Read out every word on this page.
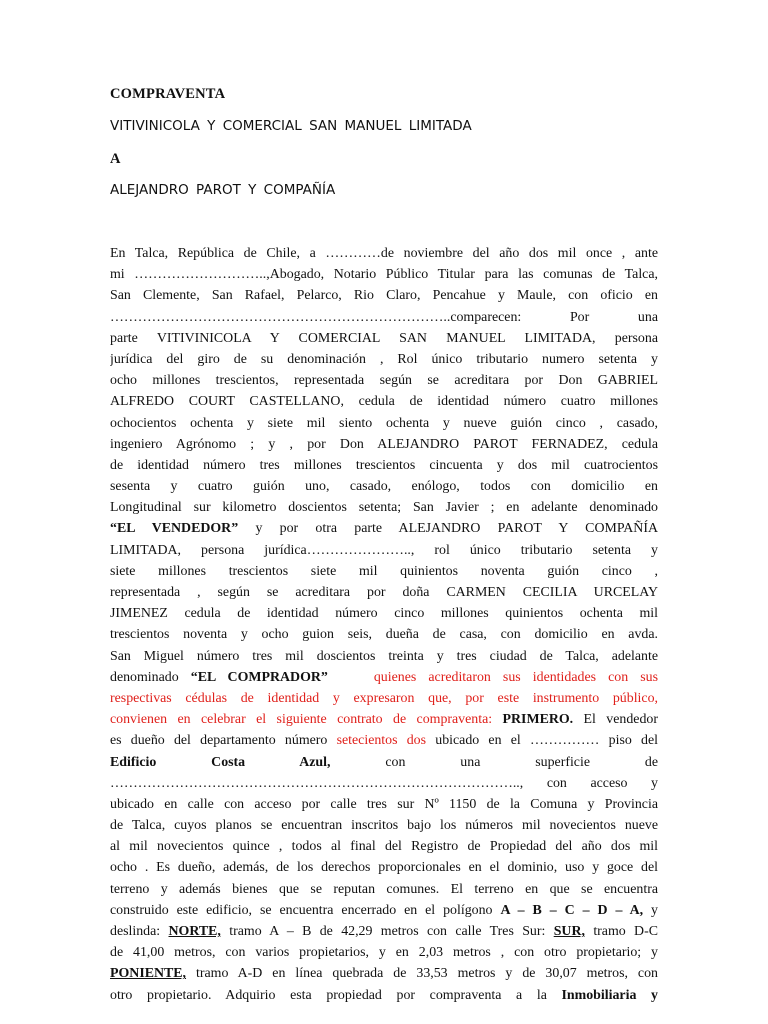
COMPRAVENTA
VITIVINICOLA Y COMERCIAL SAN MANUEL LIMITADA
A
ALEJANDRO PAROT Y COMPAÑÍA
En Talca, República de Chile, a …………de noviembre del año dos mil once , ante
mi ………………………..,Abogado, Notario Público Titular para las comunas de Talca,
San Clemente, San Rafael, Pelarco, Rio Claro, Pencahue y Maule, con oficio en
………………………………………………………………..comparecen: Por una
parte VITIVINICOLA Y COMERCIAL SAN MANUEL LIMITADA, persona
jurídica del giro de su denominación , Rol único tributario numero setenta y
ocho millones trescientos, representada según se acreditara por Don GABRIEL
ALFREDO COURT CASTELLANO, cedula de identidad número cuatro millones
ochocientos ochenta y siete mil siento ochenta y nueve guión cinco , casado,
ingeniero Agrónomo ; y , por Don ALEJANDRO PAROT FERNADEZ, cedula
de identidad número tres millones trescientos cincuenta y dos mil cuatrocientos
sesenta y cuatro guión uno, casado, enólogo, todos con domicilio en
Longitudinal sur kilometro doscientos setenta; San Javier ; en adelante denominado
“EL VENDEDOR” y por otra parte ALEJANDRO PAROT Y COMPAÑÍA
LIMITADA, persona jurídica………………….., rol único tributario setenta y
siete millones trescientos siete mil quinientos noventa guión cinco ,
representada , según se acreditara por doña CARMEN CECILIA URCELAY
JIMENEZ cedula de identidad número cinco millones quinientos ochenta mil
trescientos noventa y ocho guion seis, dueña de casa, con domicilio en avda.
San Miguel número tres mil doscientos treinta y tres ciudad de Talca, adelante
denominado “EL COMPRADOR”	quienes acreditaron sus identidades con sus
respectivas cédulas de identidad y expresaron que, por este instrumento público,
convienen en celebrar el siguiente contrato de compraventa: PRIMERO. El vendedor
es dueño del departamento número setecientos dos ubicado en el …………… piso del
Edificio Costa Azul, con una superficie de
…………………………………………………………………………….., con acceso y
ubicado en calle con acceso por calle tres sur Nº 1150 de la Comuna y Provincia
de Talca, cuyos planos se encuentran inscritos bajo los números mil novecientos nueve
al mil novecientos quince , todos al final del Registro de Propiedad del año dos mil
ocho . Es dueño, además, de los derechos proporcionales en el dominio, uso y goce del
terreno y además bienes que se reputan comunes. El terreno en que se encuentra
construido este edificio, se encuentra encerrado en el polígono A – B – C – D – A, y
deslinda: NORTE, tramo A – B de 42,29 metros con calle Tres Sur: SUR, tramo D-C
de 41,00 metros, con varios propietarios, y en 2,03 metros , con otro propietario; y
PONIENTE, tramo A-D en línea quebrada de 33,53 metros y de 30,07 metros, con
otro propietario. Adquirio esta propiedad por compraventa a la Inmobiliaria y
